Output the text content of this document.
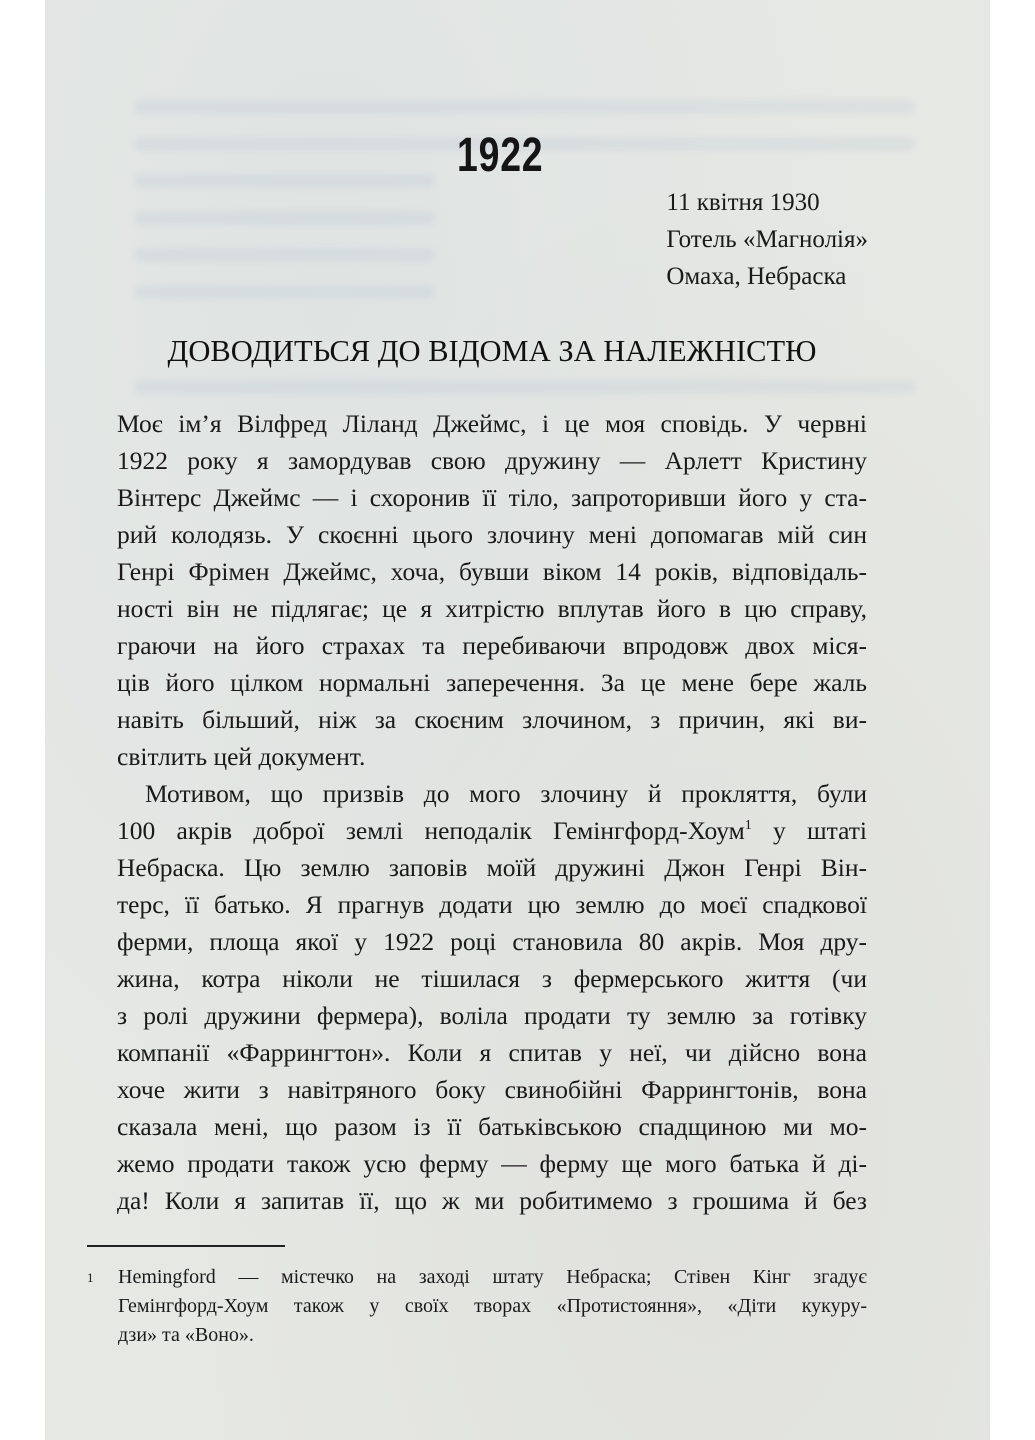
1922
11 квітня 1930
Готель «Магнолія»
Омаха, Небраска
ДОВОДИТЬСЯ ДО ВІДОМА ЗА НАЛЕЖНІСТЮ
Моє ім’я Вілфред Ліланд Джеймс, і це моя сповідь. У червні
1922 року я замордував свою дружину — Арлетт Кристину
Вінтерс Джеймс — і схоронив її тіло, запроторивши його у ста-
рий колодязь. У скоєнні цього злочину мені допомагав мій син
Генрі Фрімен Джеймс, хоча, бувши віком 14 років, відповідаль-
ності він не підлягає; це я хитрістю вплутав його в цю справу,
граючи на його страхах та перебиваючи впродовж двох міся-
ців його цілком нормальні заперечення. За це мене бере жаль
навіть більший, ніж за скоєним злочином, з причин, які ви-
світлить цей документ.
Мотивом, що призвів до мого злочину й прокляття, були
100 акрів доброї землі неподалік Гемінгфорд-Хоум$^1$ у штаті
Небраска. Цю землю заповів моїй дружині Джон Генрі Він-
терс, її батько. Я прагнув додати цю землю до моєї спадкової
ферми, площа якої у 1922 році становила 80 акрів. Моя дру-
жина, котра ніколи не тішилася з фермерського життя (чи
з ролі дружини фермера), воліла продати ту землю за готівку
компанії «Фаррингтон». Коли я спитав у неї, чи дійсно вона
хоче жити з навітряного боку свинобійні Фаррингтонів, вона
сказала мені, що разом із її батьківською спадщиною ми мо-
жемо продати також усю ферму — ферму ще мого батька й ді-
да! Коли я запитав її, що ж ми робитимемо з грошима й без
1 Hemingford — містечко на заході штату Небраска; Стівен Кінг згадує
Гемінгфорд-Хоум також у своїх творах «Протистояння», «Діти кукуру-
дзи» та «Воно».
